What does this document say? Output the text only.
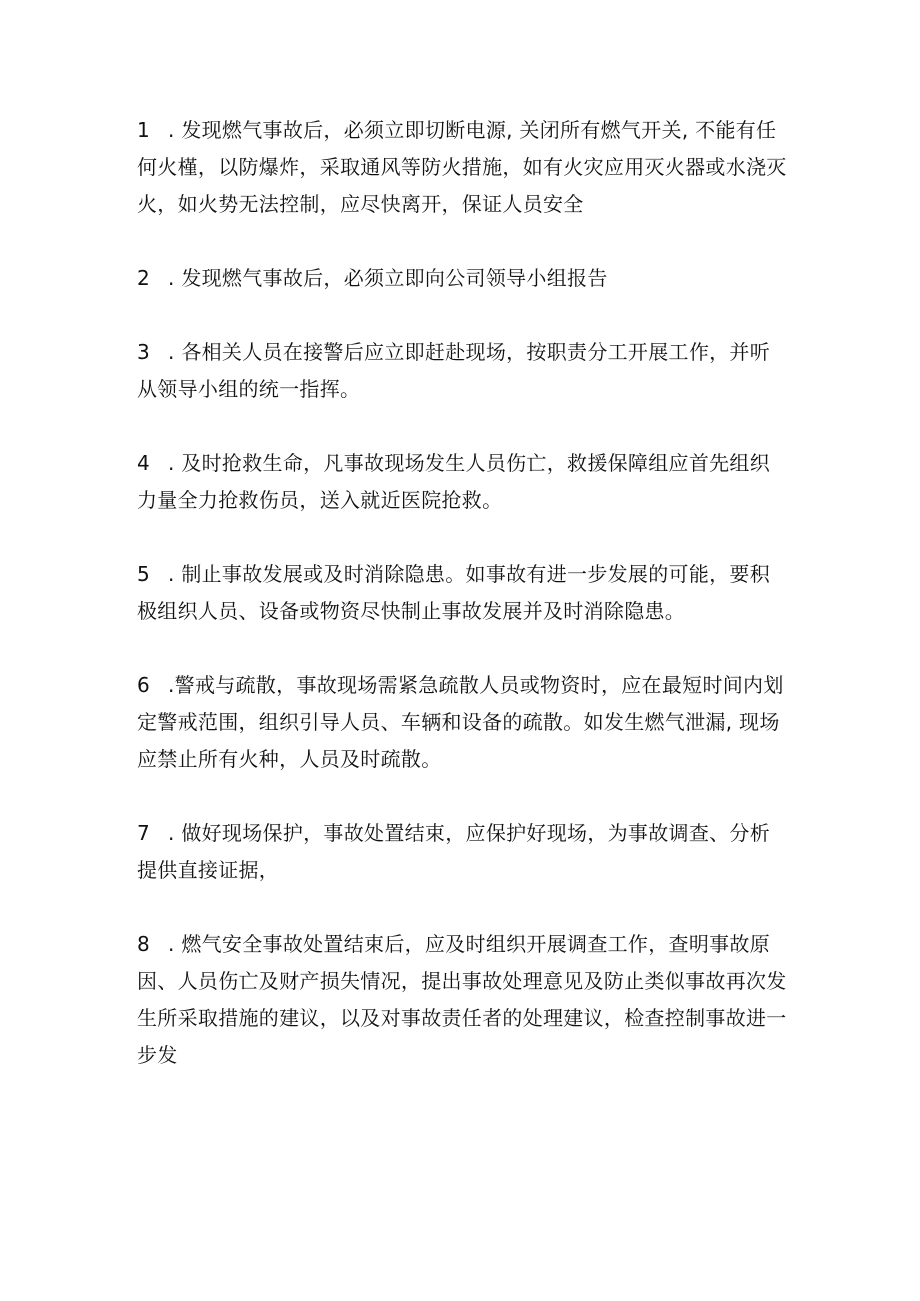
1 . 发现燃气事故后，必须立即切断电源, 关闭所有燃气开关, 不能有任何火槿，以防爆炸，采取通风等防火措施，如有火灾应用灭火器或水浇灭火，如火势无法控制，应尽快离开，保证人员安全
2 . 发现燃气事故后，必须立即向公司领导小组报告
3 . 各相关人员在接警后应立即赶赴现场，按职责分工开展工作，并听从领导小组的统一指挥。
4 . 及时抢救生命，凡事故现场发生人员伤亡，救援保障组应首先组织力量全力抢救伤员，送入就近医院抢救。
5 . 制止事故发展或及时消除隐患。如事故有进一步发展的可能，要积极组织人员、设备或物资尽快制止事故发展并及时消除隐患。
6 .警戒与疏散，事故现场需紧急疏散人员或物资时，应在最短时间内划定警戒范围，组织引导人员、车辆和设备的疏散。如发生燃气泄漏, 现场应禁止所有火种，人员及时疏散。
7 . 做好现场保护，事故处置结束，应保护好现场，为事故调查、分析提供直接证据，
8 . 燃气安全事故处置结束后，应及时组织开展调查工作，查明事故原因、人员伤亡及财产损失情况，提出事故处理意见及防止类似事故再次发生所采取措施的建议，以及对事故责任者的处理建议，检查控制事故进一步发
